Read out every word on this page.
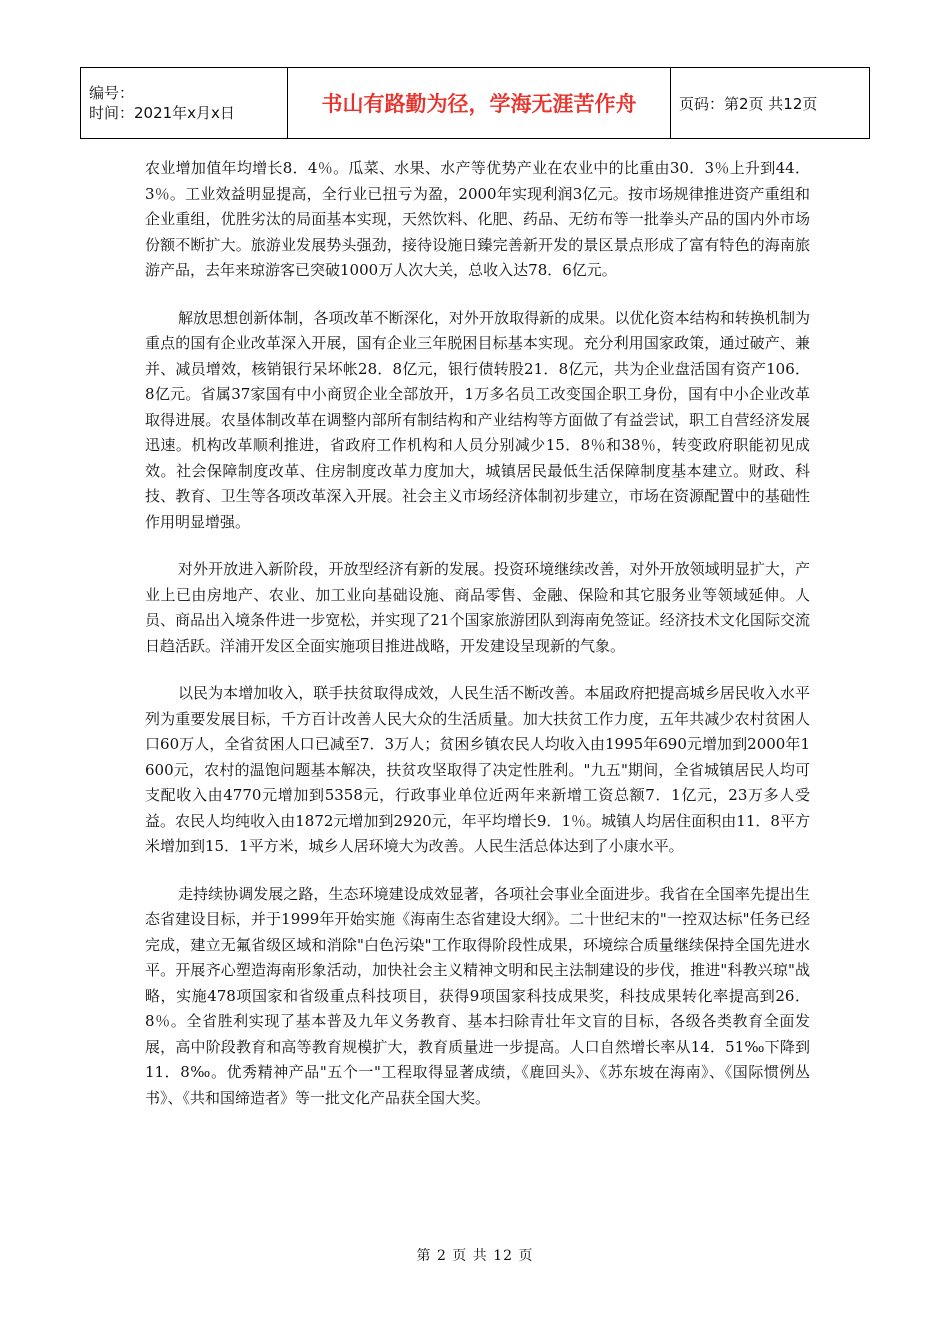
编号：
时间：2021年x月x日	书山有路勤为径，学海无涯苦作舟	页码：第2页 共12页

农业增加值年均增长8．4％。瓜菜、水果、水产等优势产业在农业中的比重由30．3％上升到44．3％。工业效益明显提高，全行业已扭亏为盈，2000年实现利润3亿元。按市场规律推进资产重组和企业重组，优胜劣汰的局面基本实现，天然饮料、化肥、药品、无纺布等一批拳头产品的国内外市场份额不断扩大。旅游业发展势头强劲，接待设施日臻完善新开发的景区景点形成了富有特色的海南旅游产品，去年来琼游客已突破1000万人次大关，总收入达78．6亿元。

解放思想创新体制，各项改革不断深化，对外开放取得新的成果。以优化资本结构和转换机制为重点的国有企业改革深入开展，国有企业三年脱困目标基本实现。充分利用国家政策，通过破产、兼并、减员增效，核销银行呆坏帐28．8亿元，银行债转股21．8亿元，共为企业盘活国有资产106．8亿元。省属37家国有中小商贸企业全部放开，1万多名员工改变国企职工身份，国有中小企业改革取得进展。农垦体制改革在调整内部所有制结构和产业结构等方面做了有益尝试，职工自营经济发展迅速。机构改革顺利推进，省政府工作机构和人员分别减少15．8％和38％，转变政府职能初见成效。社会保障制度改革、住房制度改革力度加大，城镇居民最低生活保障制度基本建立。财政、科技、教育、卫生等各项改革深入开展。社会主义市场经济体制初步建立，市场在资源配置中的基础性作用明显增强。

对外开放进入新阶段，开放型经济有新的发展。投资环境继续改善，对外开放领域明显扩大，产业上已由房地产、农业、加工业向基础设施、商品零售、金融、保险和其它服务业等领域延伸。人员、商品出入境条件进一步宽松，并实现了21个国家旅游团队到海南免签证。经济技术文化国际交流日趋活跃。洋浦开发区全面实施项目推进战略，开发建设呈现新的气象。

以民为本增加收入，联手扶贫取得成效，人民生活不断改善。本届政府把提高城乡居民收入水平列为重要发展目标，千方百计改善人民大众的生活质量。加大扶贫工作力度，五年共减少农村贫困人口60万人，全省贫困人口已减至7．3万人；贫困乡镇农民人均收入由1995年690元增加到2000年1600元，农村的温饱问题基本解决，扶贫攻坚取得了决定性胜利。"九五"期间，全省城镇居民人均可支配收入由4770元增加到5358元，行政事业单位近两年来新增工资总额7．1亿元，23万多人受益。农民人均纯收入由1872元增加到2920元，年平均增长9．1％。城镇人均居住面积由11．8平方米增加到15．1平方米，城乡人居环境大为改善。人民生活总体达到了小康水平。

走持续协调发展之路，生态环境建设成效显著，各项社会事业全面进步。我省在全国率先提出生态省建设目标，并于1999年开始实施《海南生态省建设大纲》。二十世纪末的"一控双达标"任务已经完成，建立无氟省级区域和消除"白色污染"工作取得阶段性成果，环境综合质量继续保持全国先进水平。开展齐心塑造海南形象活动，加快社会主义精神文明和民主法制建设的步伐，推进"科教兴琼"战略，实施478项国家和省级重点科技项目，获得9项国家科技成果奖，科技成果转化率提高到26．8％。全省胜利实现了基本普及九年义务教育、基本扫除青壮年文盲的目标，各级各类教育全面发展，高中阶段教育和高等教育规模扩大，教育质量进一步提高。人口自然增长率从14．51‰下降到11．8‰。优秀精神产品"五个一"工程取得显著成绩，《鹿回头》、《苏东坡在海南》、《国际惯例丛书》、《共和国缔造者》等一批文化产品获全国大奖。

第 2 页 共 12 页
